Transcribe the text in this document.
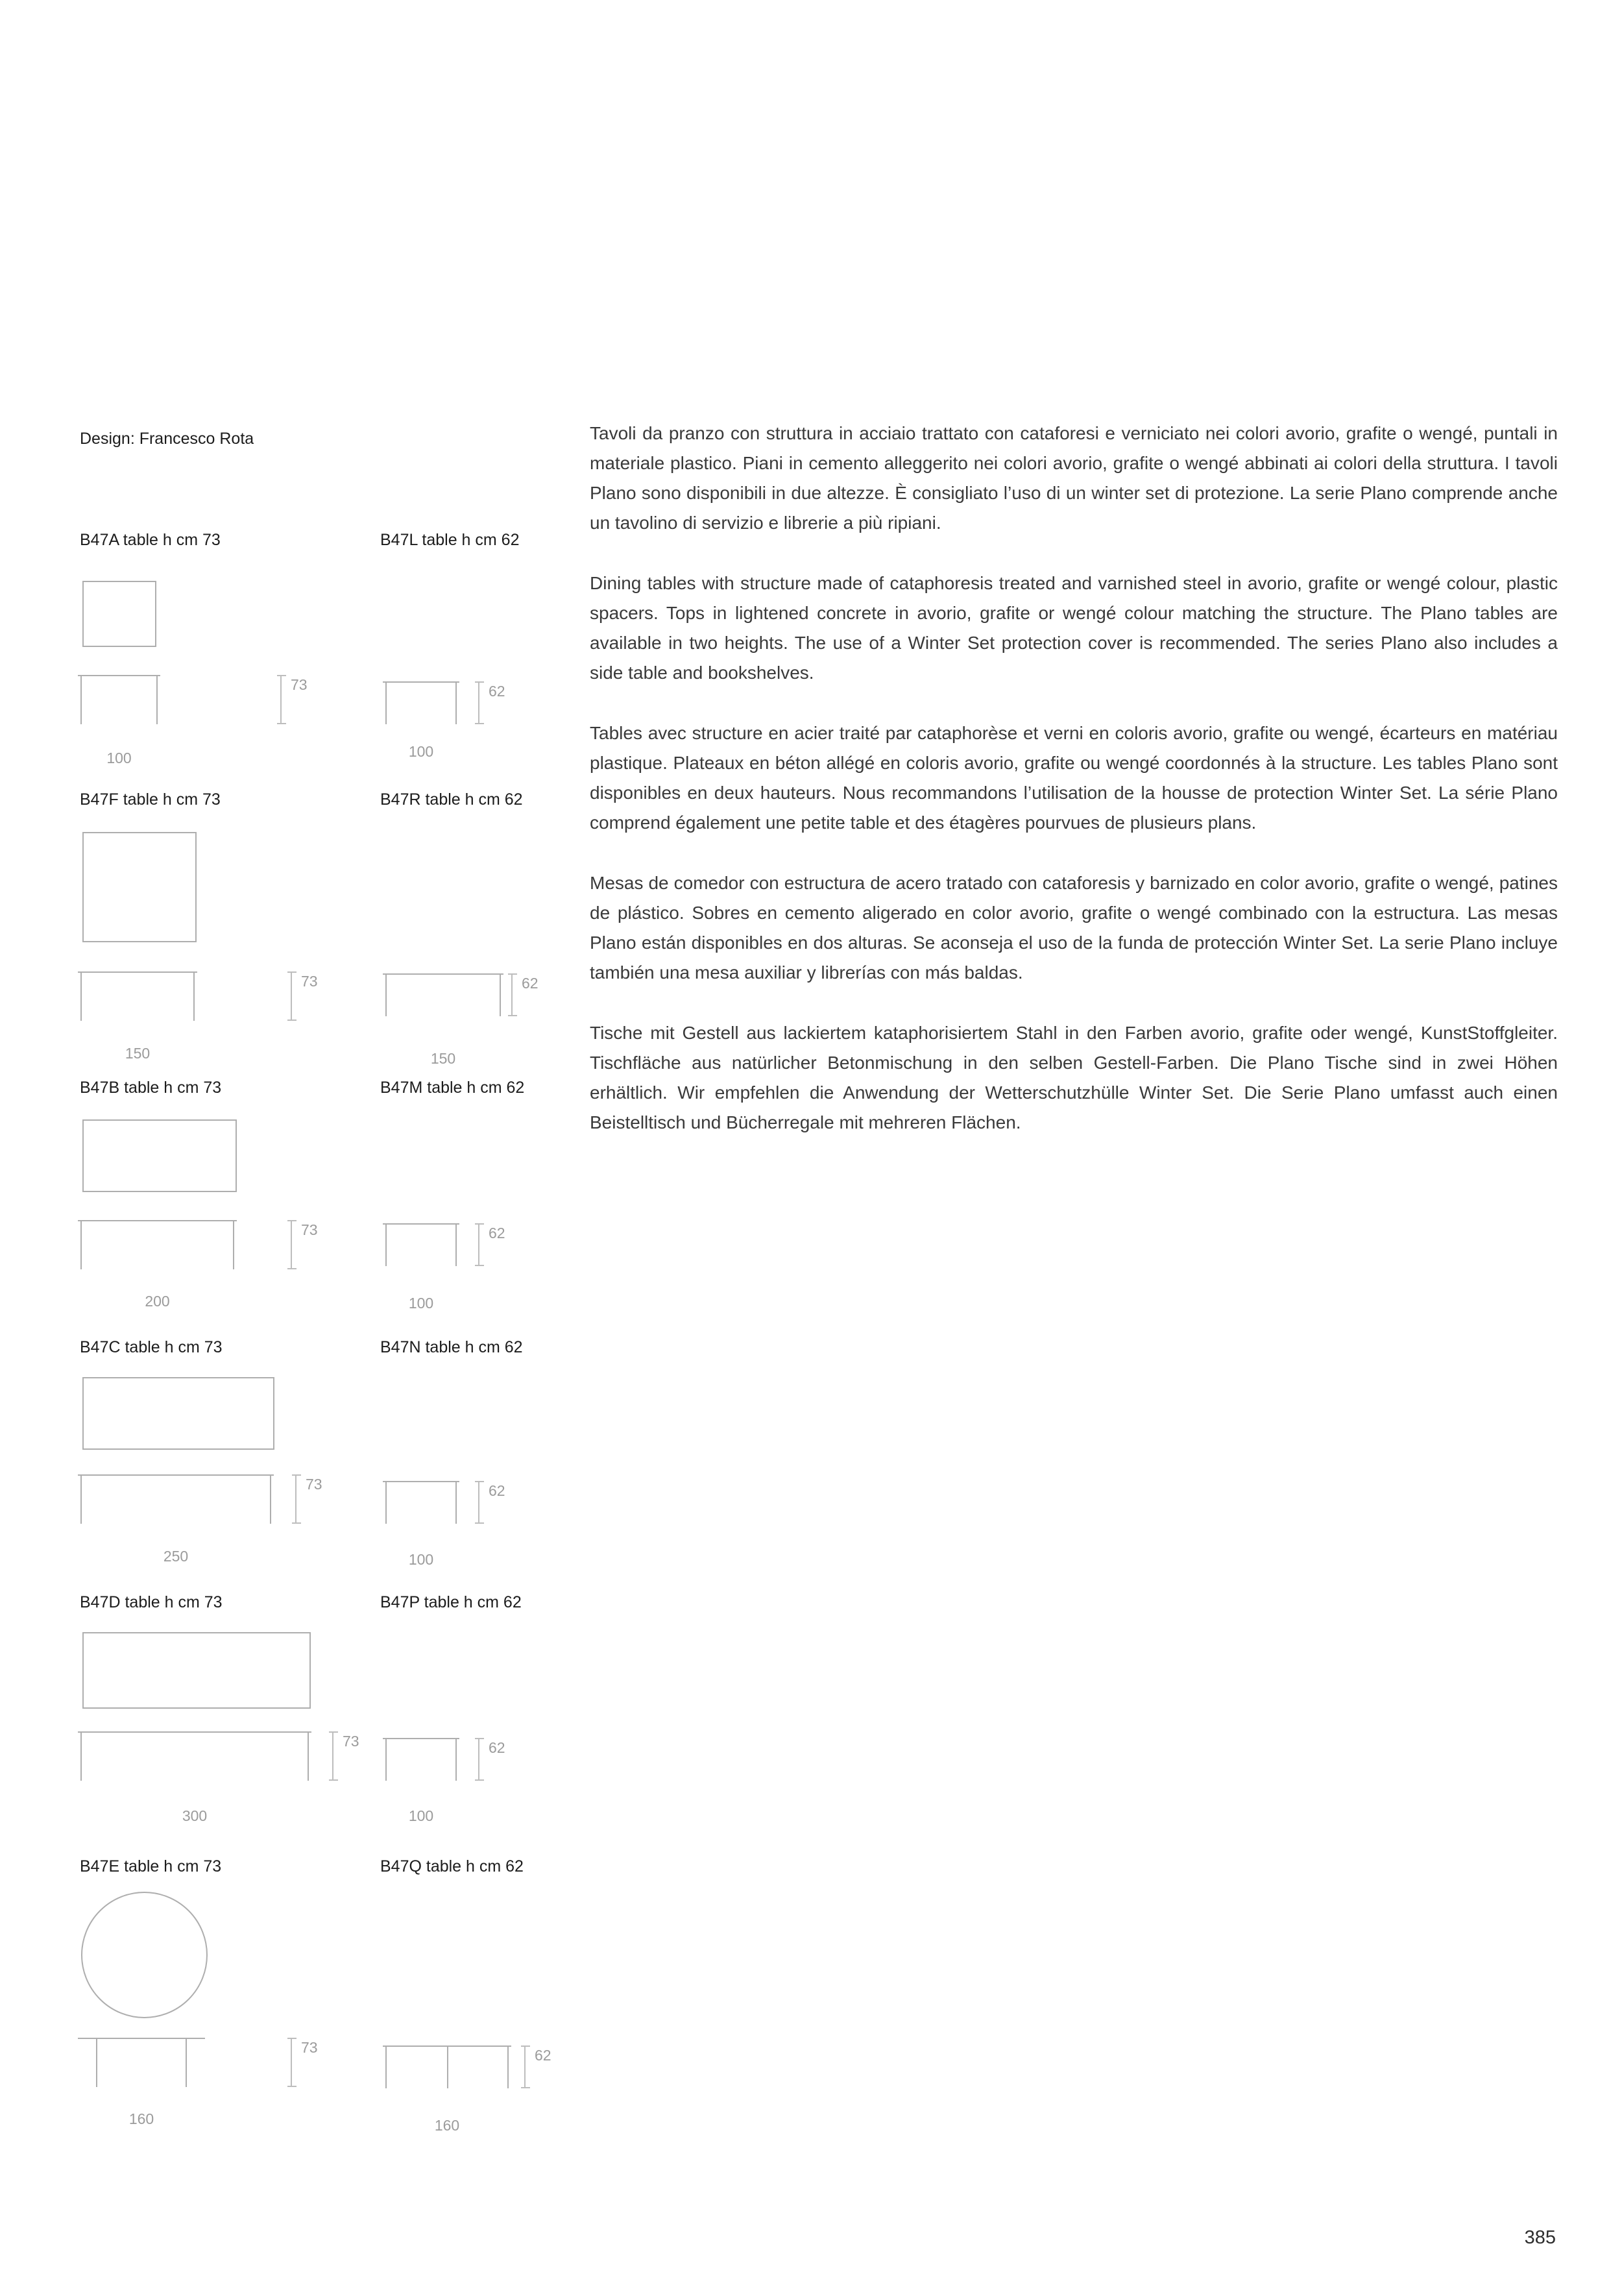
Design: Francesco Rota
B47A table h cm 73
73
100
B47L table h cm 62
62
100
B47F table h cm 73
73
150
B47R table h cm 62
62
150
B47B table h cm 73
73
200
B47M table h cm 62
62
100
B47C table h cm 73
73
250
B47N table h cm 62
62
100
B47D table h cm 73
73
300
B47P table h cm 62
62
100
B47E table h cm 73
73
160
B47Q table h cm 62
62
160

Tavoli da pranzo con struttura in acciaio trattato con cataforesi e verniciato nei colori avorio, grafite o wengé, puntali in materiale plastico. Piani in cemento alleggerito nei colori avorio, grafite o wengé abbinati ai colori della struttura. I tavoli Plano sono disponibili in due altezze. È consigliato l’uso di un winter set di protezione. La serie Plano comprende anche un tavolino di servizio e librerie a più ripiani.

Dining tables with structure made of cataphoresis treated and varnished steel in avorio, grafite or wengé colour, plastic spacers. Tops in lightened concrete in avorio, grafite or wengé colour matching the structure. The Plano tables are available in two heights. The use of a Winter Set protection cover is recommended. The series Plano also includes a side table and bookshelves.

Tables avec structure en acier traité par cataphorèse et verni en coloris avorio, grafite ou wengé, écarteurs en matériau plastique. Plateaux en béton allégé en coloris avorio, grafite ou wengé coordonnés à la structure. Les tables Plano sont disponibles en deux hauteurs. Nous recommandons l’utilisation de la housse de protection Winter Set. La série Plano comprend également une petite table et des étagères pourvues de plusieurs plans.

Mesas de comedor con estructura de acero tratado con cataforesis y barnizado en color avorio, grafite o wengé, patines de plástico. Sobres en cemento aligerado en color avorio, grafite o wengé combinado con la estructura. Las mesas Plano están disponibles en dos alturas. Se aconseja el uso de la funda de protección Winter Set. La serie Plano incluye también una mesa auxiliar y librerías con más baldas.

Tische mit Gestell aus lackiertem kataphorisiertem Stahl in den Farben avorio, grafite oder wengé, KunstStoffgleiter. Tischfläche aus natürlicher Betonmischung in den selben Gestell-Farben. Die Plano Tische sind in zwei Höhen erhältlich. Wir empfehlen die Anwendung der Wetterschutzhülle Winter Set. Die Serie Plano umfasst auch einen Beistelltisch und Bücherregale mit mehreren Flächen.

385
